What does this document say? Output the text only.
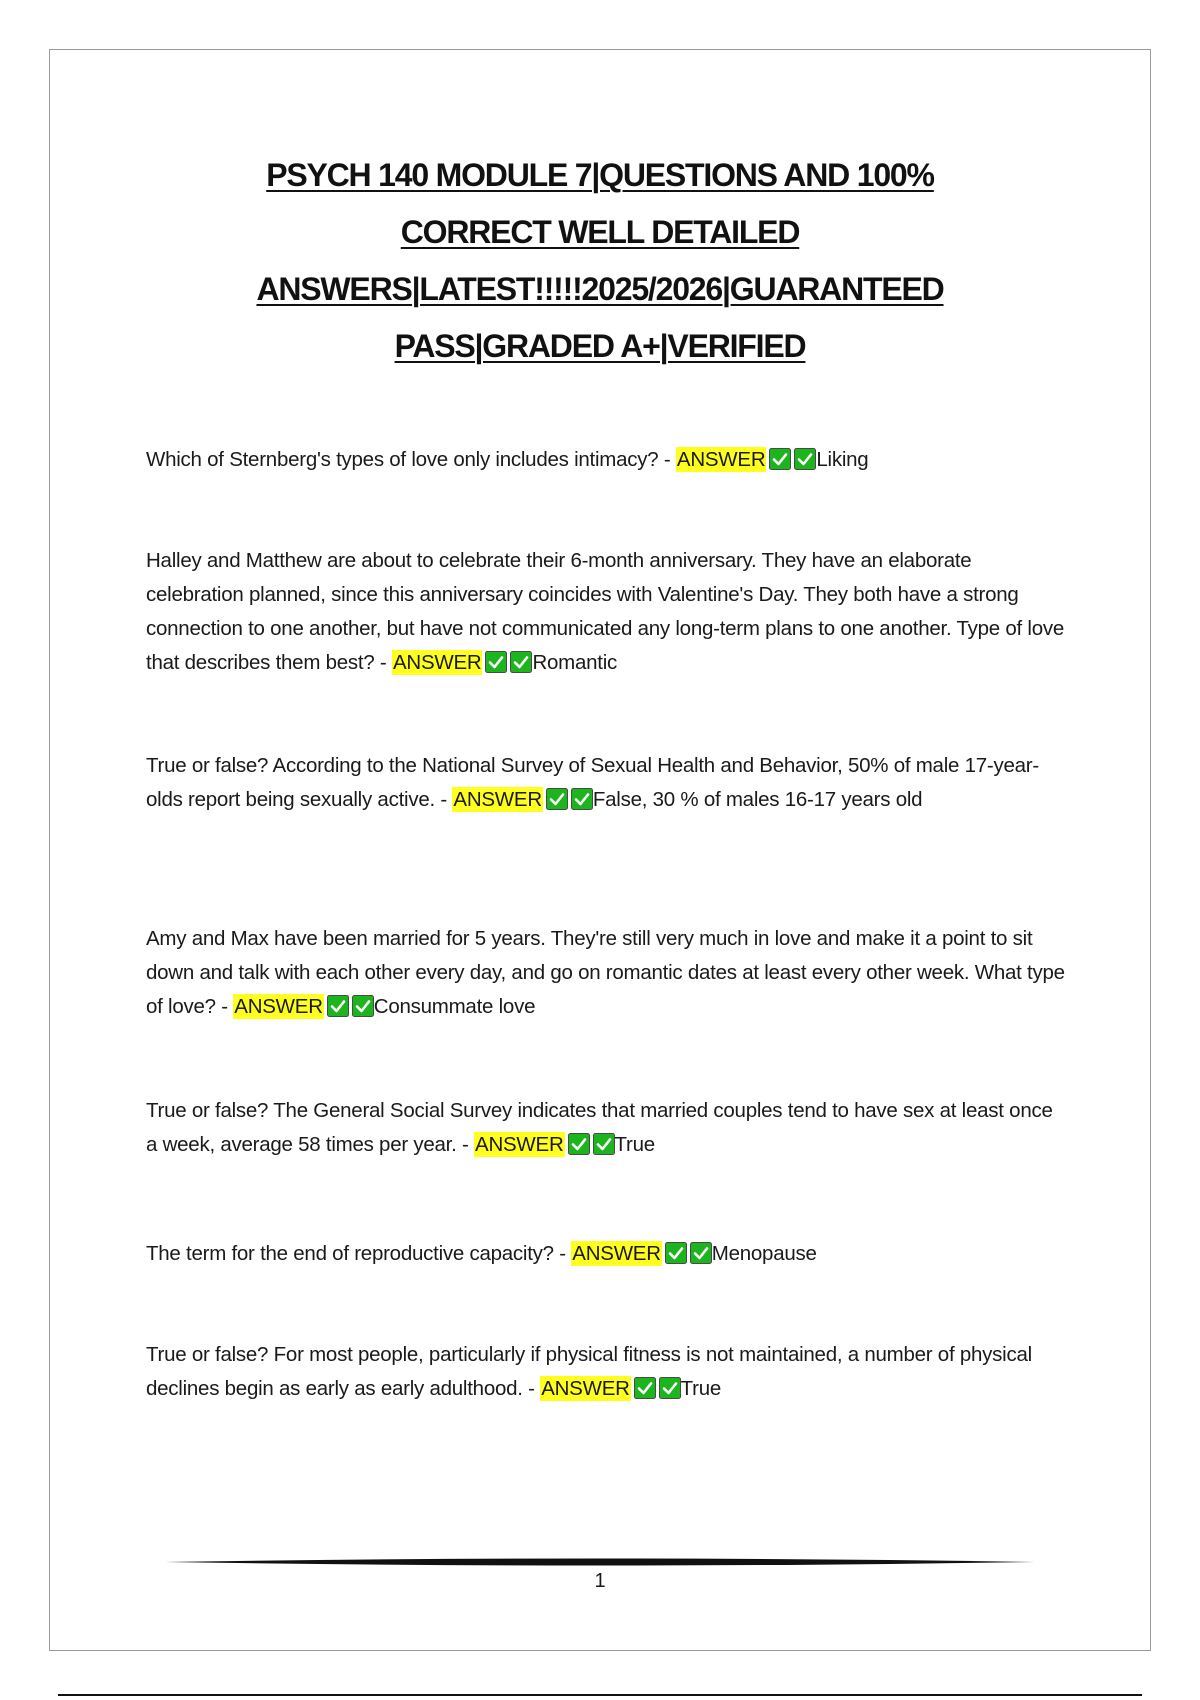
PSYCH 140 MODULE 7|QUESTIONS AND 100%
CORRECT WELL DETAILED
ANSWERS|LATEST!!!!!2025/2026|GUARANTEED
PASS|GRADED A+|VERIFIED

Which of Sternberg's types of love only includes intimacy? - ANSWER Liking

Halley and Matthew are about to celebrate their 6-month anniversary. They have an elaborate celebration planned, since this anniversary coincides with Valentine's Day. They both have a strong connection to one another, but have not communicated any long-term plans to one another. Type of love that describes them best? - ANSWER Romantic

True or false? According to the National Survey of Sexual Health and Behavior, 50% of male 17-year-olds report being sexually active. - ANSWER False, 30 % of males 16-17 years old

Amy and Max have been married for 5 years. They're still very much in love and make it a point to sit down and talk with each other every day, and go on romantic dates at least every other week. What type of love? - ANSWER Consummate love

True or false? The General Social Survey indicates that married couples tend to have sex at least once a week, average 58 times per year. - ANSWER True

The term for the end of reproductive capacity? - ANSWER Menopause

True or false? For most people, particularly if physical fitness is not maintained, a number of physical declines begin as early as early adulthood. - ANSWER True

1
